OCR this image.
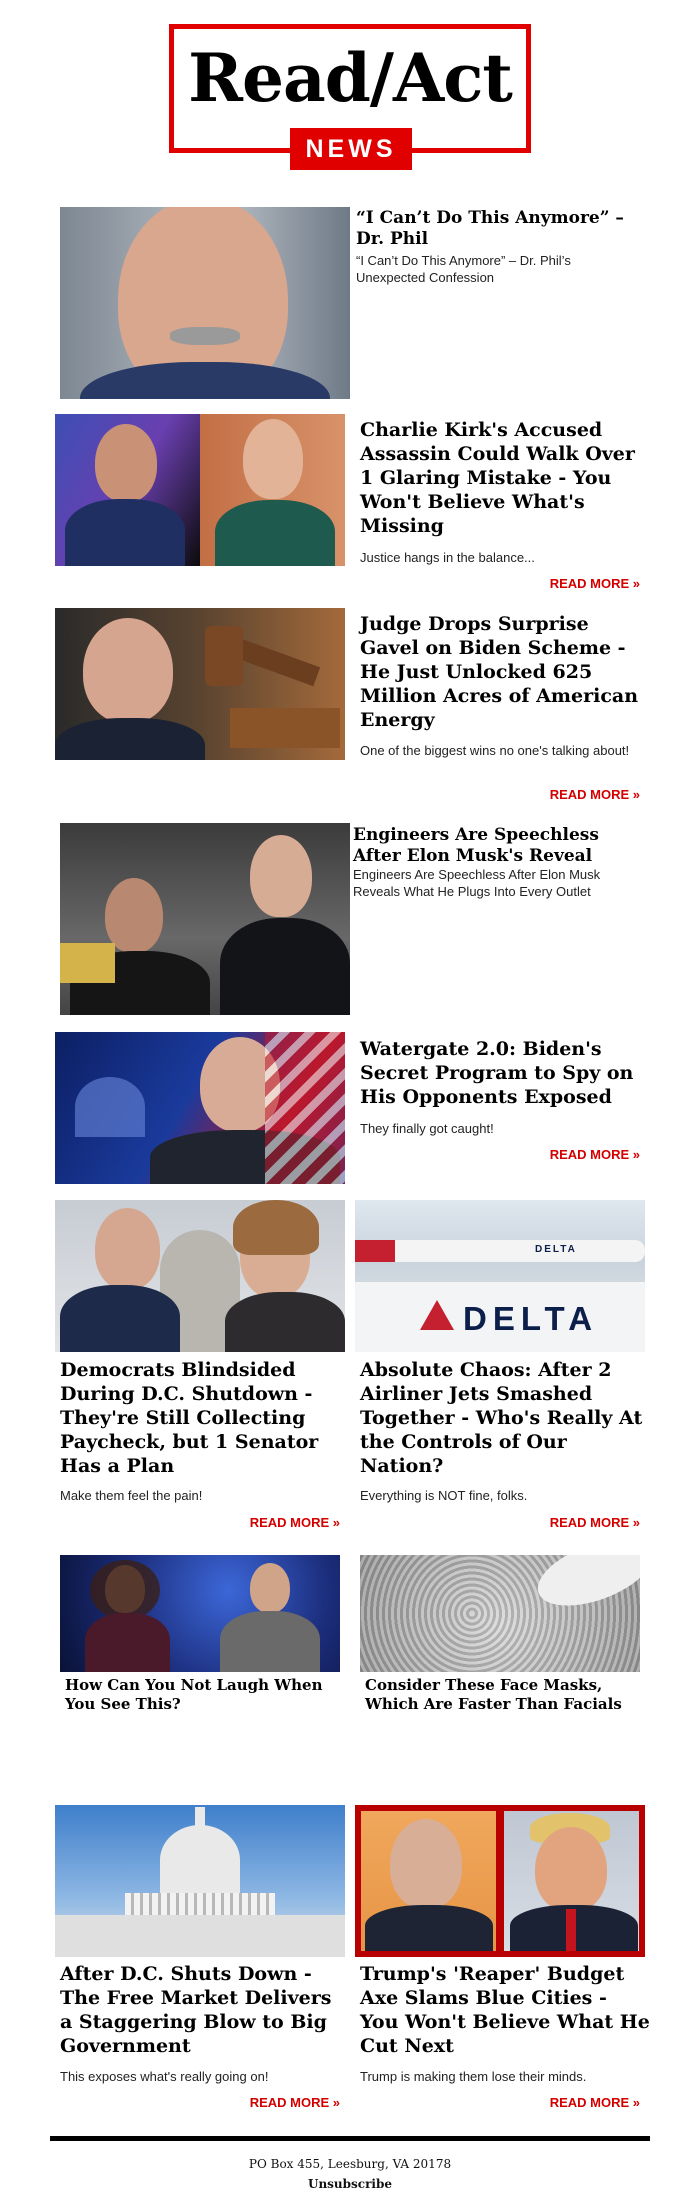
Read/Act
NEWS
“I Can’t Do This Anymore” – Dr. Phil
“I Can’t Do This Anymore” – Dr. Phil’s Unexpected Confession
Charlie Kirk's Accused Assassin Could Walk Over 1 Glaring Mistake - You Won't Believe What's Missing
Justice hangs in the balance...
READ MORE »
Judge Drops Surprise Gavel on Biden Scheme - He Just Unlocked 625 Million Acres of American Energy
One of the biggest wins no one's talking about!
READ MORE »
Engineers Are Speechless After Elon Musk's Reveal
Engineers Are Speechless After Elon Musk Reveals What He Plugs Into Every Outlet
Watergate 2.0: Biden's Secret Program to Spy on His Opponents Exposed
They finally got caught!
READ MORE »
Democrats Blindsided During D.C. Shutdown - They're Still Collecting Paycheck, but 1 Senator Has a Plan
Make them feel the pain!
READ MORE »
DELTA
DELTA
Absolute Chaos: After 2 Airliner Jets Smashed Together - Who's Really At the Controls of Our Nation?
Everything is NOT fine, folks.
READ MORE »
How Can You Not Laugh When You See This?
Consider These Face Masks, Which Are Faster Than Facials
After D.C. Shuts Down - The Free Market Delivers a Staggering Blow to Big Government
This exposes what's really going on!
READ MORE »
Trump's 'Reaper' Budget Axe Slams Blue Cities - You Won't Believe What He Cut Next
Trump is making them lose their minds.
READ MORE »
PO Box 455, Leesburg, VA 20178
Unsubscribe
